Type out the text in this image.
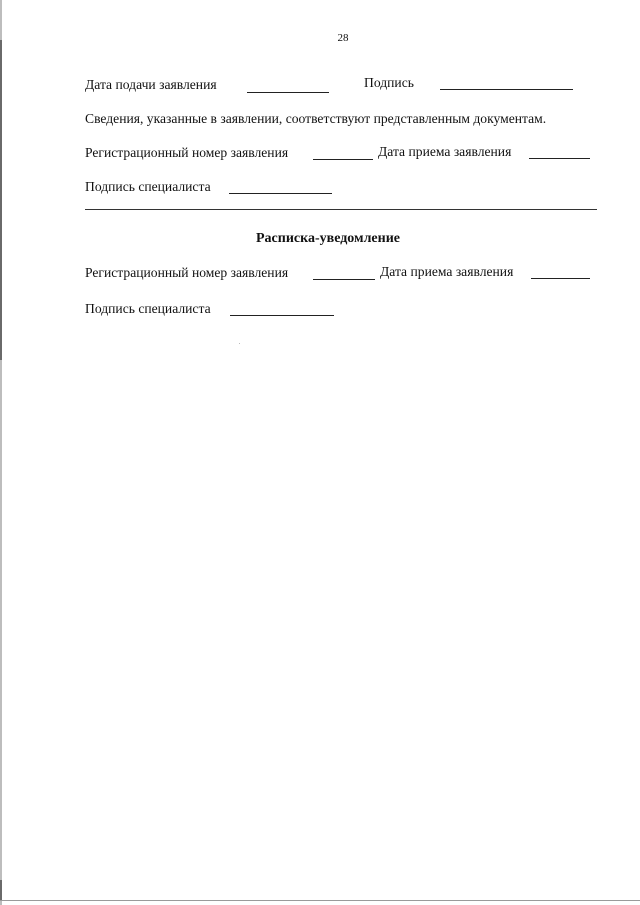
28
Дата подачи заявления	Подпись
Сведения, указанные в заявлении, соответствуют представленным документам.
Регистрационный номер заявления	Дата приема заявления
Подпись специалиста
Расписка-уведомление
Регистрационный номер заявления	Дата приема заявления
Подпись специалиста
